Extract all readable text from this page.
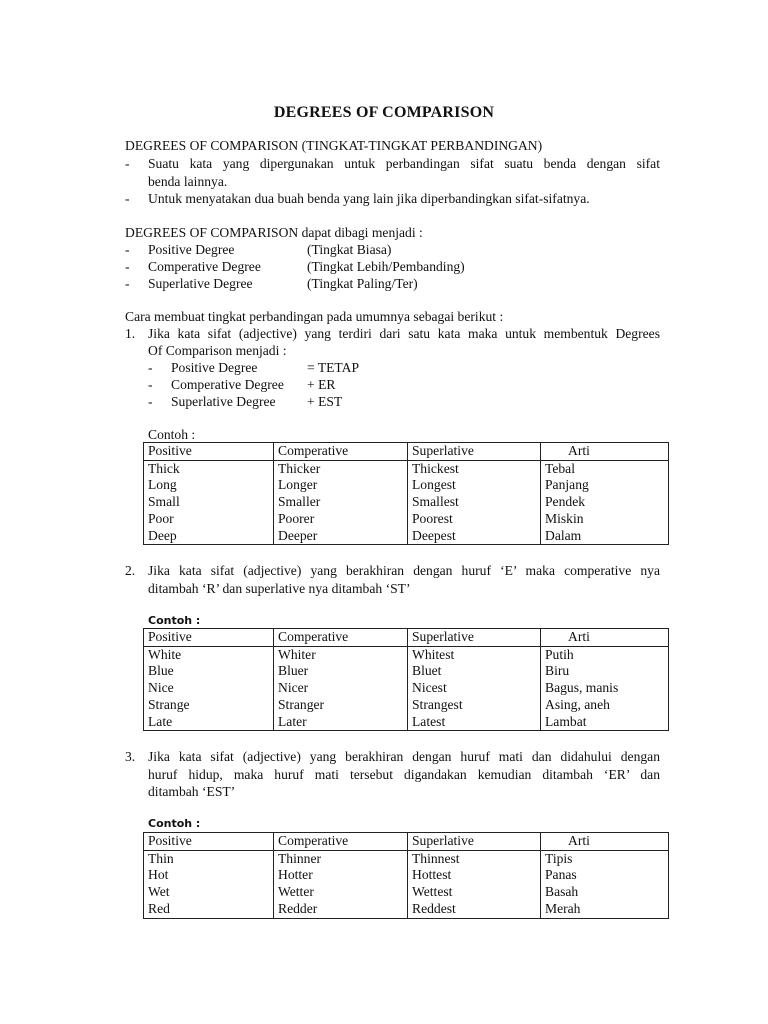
DEGREES OF COMPARISON
DEGREES OF COMPARISON (TINGKAT-TINGKAT PERBANDINGAN)
- Suatu kata yang dipergunakan untuk perbandingan sifat suatu benda dengan sifat
benda lainnya.
- Untuk menyatakan dua buah benda yang lain jika diperbandingkan sifat-sifatnya.
DEGREES OF COMPARISON dapat dibagi menjadi :
- Positive Degree	(Tingkat Biasa)
- Comperative Degree	(Tingkat Lebih/Pembanding)
- Superlative Degree	(Tingkat Paling/Ter)
Cara membuat tingkat perbandingan pada umumnya sebagai berikut :
1. Jika kata sifat (adjective) yang terdiri dari satu kata maka untuk membentuk Degrees
Of Comparison menjadi :
- Positive Degree	= TETAP
- Comperative Degree + ER
- Superlative Degree + EST
Contoh :
Positive	Comperative	Superlative	Arti
Thick	Thicker	Thickest	Tebal
Long	Longer	Longest	Panjang
Small	Smaller	Smallest	Pendek
Poor	Poorer	Poorest	Miskin
Deep	Deeper	Deepest	Dalam
2. Jika kata sifat (adjective) yang berakhiran dengan huruf ‘E’ maka comperative nya
ditambah ‘R’ dan superlative nya ditambah ‘ST’
Contoh :
Positive	Comperative	Superlative	Arti
White	Whiter	Whitest	Putih
Blue	Bluer	Bluet	Biru
Nice	Nicer	Nicest	Bagus, manis
Strange	Stranger	Strangest	Asing, aneh
Late	Later	Latest	Lambat
3. Jika kata sifat (adjective) yang berakhiran dengan huruf mati dan didahului dengan
huruf hidup, maka huruf mati tersebut digandakan kemudian ditambah ‘ER’ dan
ditambah ‘EST’
Contoh :
Positive	Comperative	Superlative	Arti
Thin	Thinner	Thinnest	Tipis
Hot	Hotter	Hottest	Panas
Wet	Wetter	Wettest	Basah
Red	Redder	Reddest	Merah
